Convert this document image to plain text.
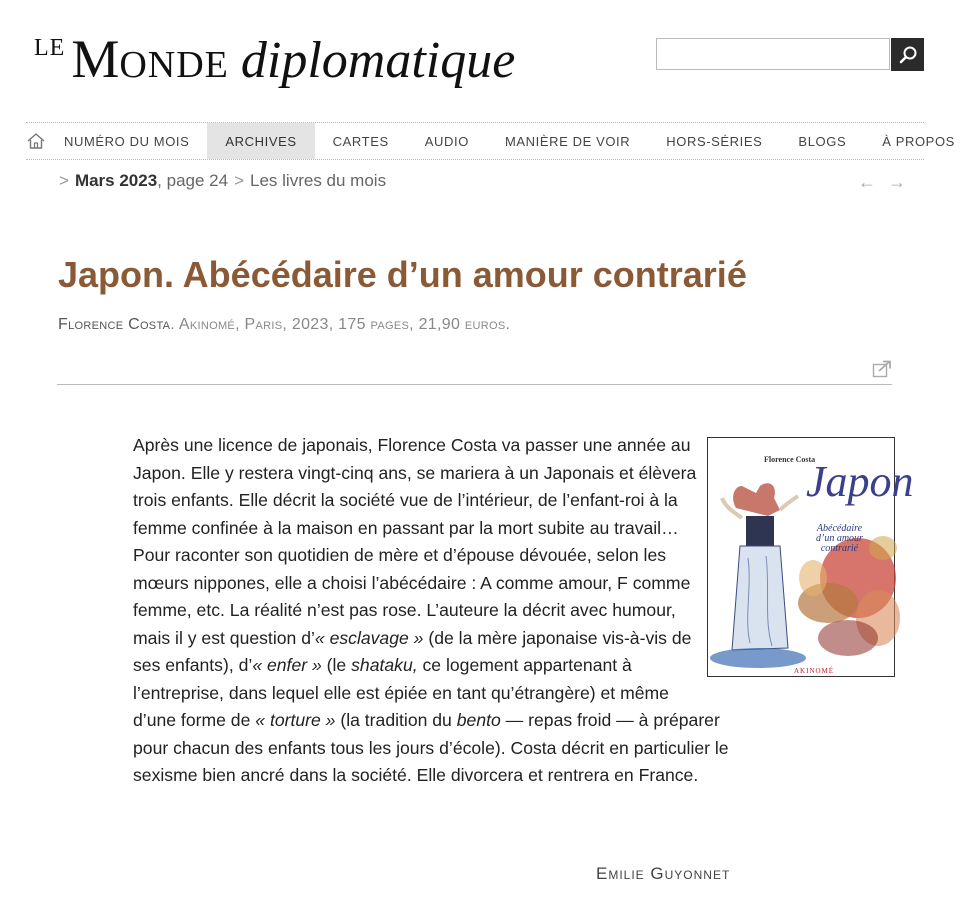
LE MONDE diplomatique
NUMÉRO DU MOIS	ARCHIVES	CARTES	AUDIO	MANIÈRE DE VOIR	HORS-SÉRIES	BLOGS	À PROPOS
> Mars 2023, page 24 > Les livres du mois	← →
Japon. Abécédaire d’un amour contrarié
Florence Costa. Akinomé, Paris, 2023, 175 pages, 21,90 euros.

Florence Costa
Japon
Abécédaire
d’un amour
contrarié
AKINOMÉ
Après une licence de japonais, Florence Costa va passer une année au Japon. Elle y restera vingt-cinq ans, se mariera à un Japonais et élèvera trois enfants. Elle décrit la société vue de l’intérieur, de l’enfant-roi à la femme confinée à la maison en passant par la mort subite au travail… Pour raconter son quotidien de mère et d’épouse dévouée, selon les mœurs nippones, elle a choisi l’abécédaire : A comme amour, F comme femme, etc. La réalité n’est pas rose. L’auteure la décrit avec humour, mais il y est question d’« esclavage » (de la mère japonaise vis-à-vis de ses enfants), d’« enfer » (le shataku, ce logement appartenant à l’entreprise, dans lequel elle est épiée en tant qu’étrangère) et même d’une forme de « torture » (la tradition du bento — repas froid — à préparer pour chacun des enfants tous les jours d’école). Costa décrit en particulier le sexisme bien ancré dans la société. Elle divorcera et rentrera en France.

Emilie Guyonnet
